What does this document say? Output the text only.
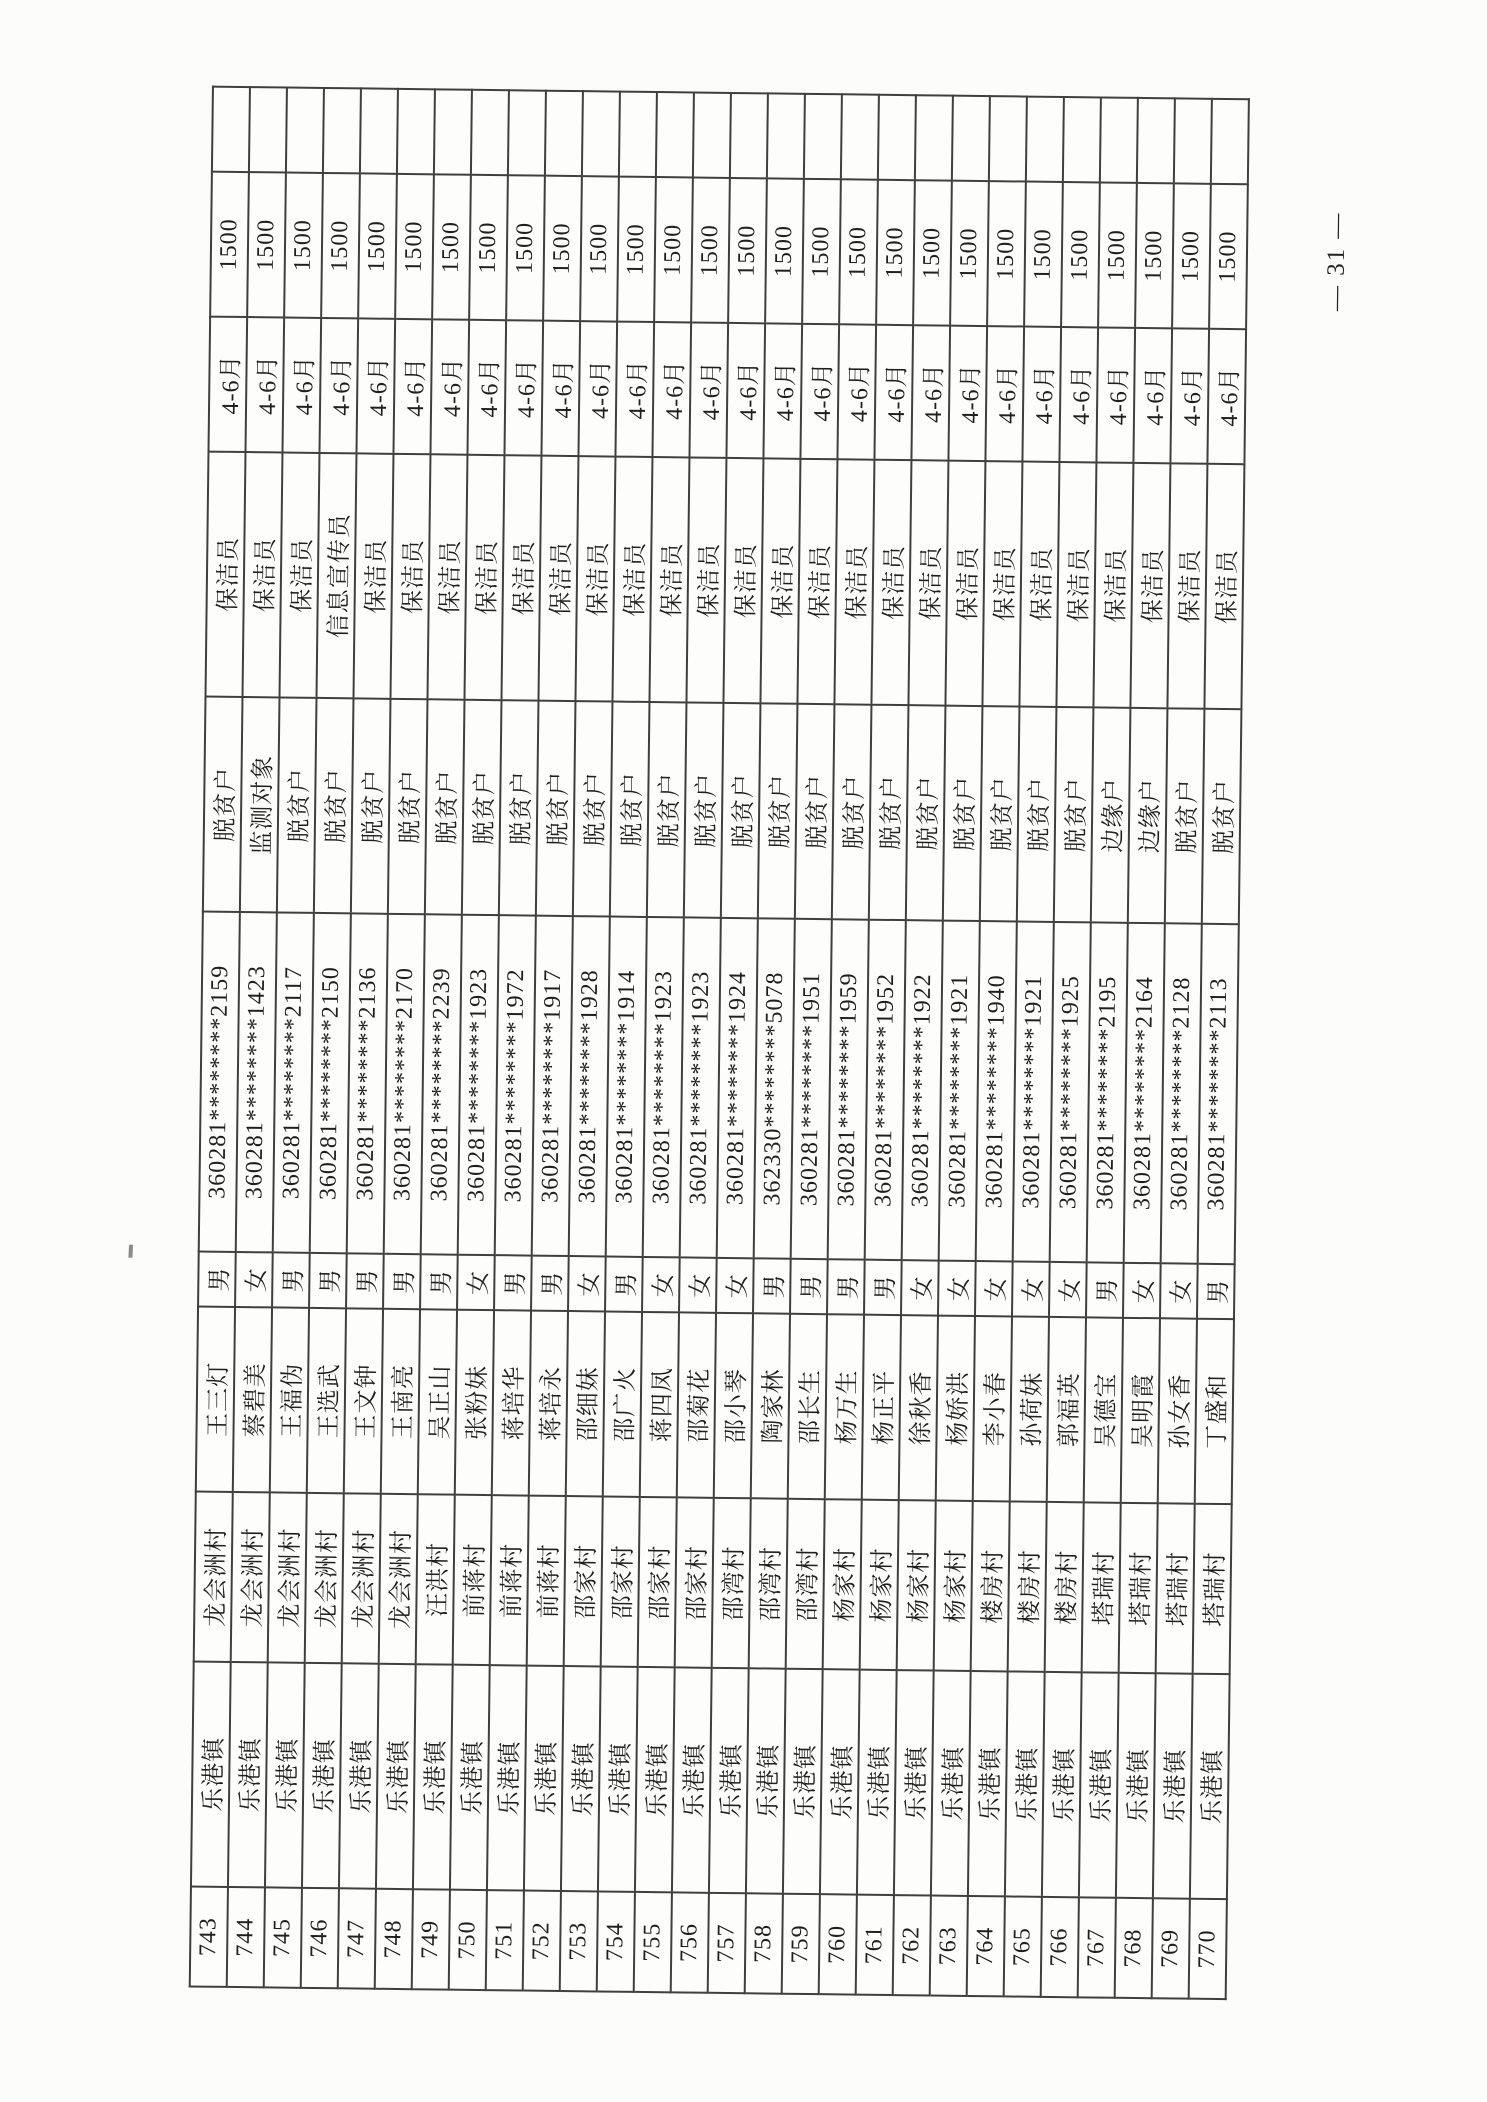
— 31 —
743	乐港镇	龙会洲村	王三灯	男	360281********2159	脱贫户	保洁员	4-6月	1500	
744	乐港镇	龙会洲村	蔡碧美	女	360281********1423	监测对象	保洁员	4-6月	1500	
745	乐港镇	龙会洲村	王福伪	男	360281********2117	脱贫户	保洁员	4-6月	1500	
746	乐港镇	龙会洲村	王选武	男	360281********2150	脱贫户	信息宣传员	4-6月	1500	
747	乐港镇	龙会洲村	王文钟	男	360281********2136	脱贫户	保洁员	4-6月	1500	
748	乐港镇	龙会洲村	王南亮	男	360281********2170	脱贫户	保洁员	4-6月	1500	
749	乐港镇	汪洪村	吴正山	男	360281********2239	脱贫户	保洁员	4-6月	1500	
750	乐港镇	前蒋村	张粉妹	女	360281********1923	脱贫户	保洁员	4-6月	1500	
751	乐港镇	前蒋村	蒋培华	男	360281********1972	脱贫户	保洁员	4-6月	1500	
752	乐港镇	前蒋村	蒋培永	男	360281********1917	脱贫户	保洁员	4-6月	1500	
753	乐港镇	邵家村	邵细妹	女	360281********1928	脱贫户	保洁员	4-6月	1500	
754	乐港镇	邵家村	邵广火	男	360281********1914	脱贫户	保洁员	4-6月	1500	
755	乐港镇	邵家村	蒋四凤	女	360281********1923	脱贫户	保洁员	4-6月	1500	
756	乐港镇	邵家村	邵菊花	女	360281********1923	脱贫户	保洁员	4-6月	1500	
757	乐港镇	邵湾村	邵小琴	女	360281********1924	脱贫户	保洁员	4-6月	1500	
758	乐港镇	邵湾村	陶家林	男	362330********5078	脱贫户	保洁员	4-6月	1500	
759	乐港镇	邵湾村	邵长生	男	360281********1951	脱贫户	保洁员	4-6月	1500	
760	乐港镇	杨家村	杨万生	男	360281********1959	脱贫户	保洁员	4-6月	1500	
761	乐港镇	杨家村	杨正平	男	360281********1952	脱贫户	保洁员	4-6月	1500	
762	乐港镇	杨家村	徐秋香	女	360281********1922	脱贫户	保洁员	4-6月	1500	
763	乐港镇	杨家村	杨娇洪	女	360281********1921	脱贫户	保洁员	4-6月	1500	
764	乐港镇	楼房村	李小春	女	360281********1940	脱贫户	保洁员	4-6月	1500	
765	乐港镇	楼房村	孙荷妹	女	360281********1921	脱贫户	保洁员	4-6月	1500	
766	乐港镇	楼房村	郭福英	女	360281********1925	脱贫户	保洁员	4-6月	1500	
767	乐港镇	塔瑞村	吴德宝	男	360281********2195	边缘户	保洁员	4-6月	1500	
768	乐港镇	塔瑞村	吴明霞	女	360281********2164	边缘户	保洁员	4-6月	1500	
769	乐港镇	塔瑞村	孙女香	女	360281********2128	脱贫户	保洁员	4-6月	1500	
770	乐港镇	塔瑞村	丁盛和	男	360281********2113	脱贫户	保洁员	4-6月	1500	
